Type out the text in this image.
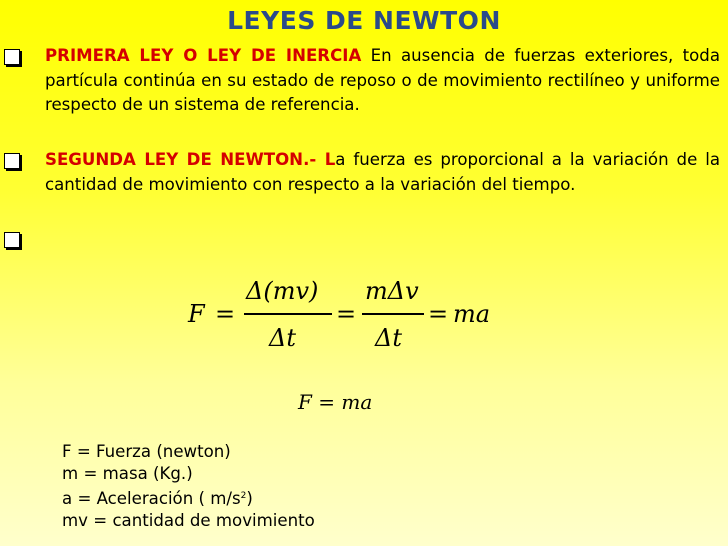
LEYES DE NEWTON
PRIMERA LEY O LEY DE INERCIA En ausencia de fuerzas exteriores, toda partícula continúa en su estado de reposo o de movimiento rectilíneo y uniforme respecto de un sistema de referencia.
SEGUNDA LEY DE NEWTON.- La fuerza es proporcional a la variación de la cantidad de movimiento con respecto a la variación del tiempo.
F =
Δ(mv)
Δt
=
mΔv
Δt
= ma
F = ma
F = Fuerza (newton)
m = masa (Kg.)
a = Aceleración ( $m/s^2$)
mv = cantidad de movimiento
